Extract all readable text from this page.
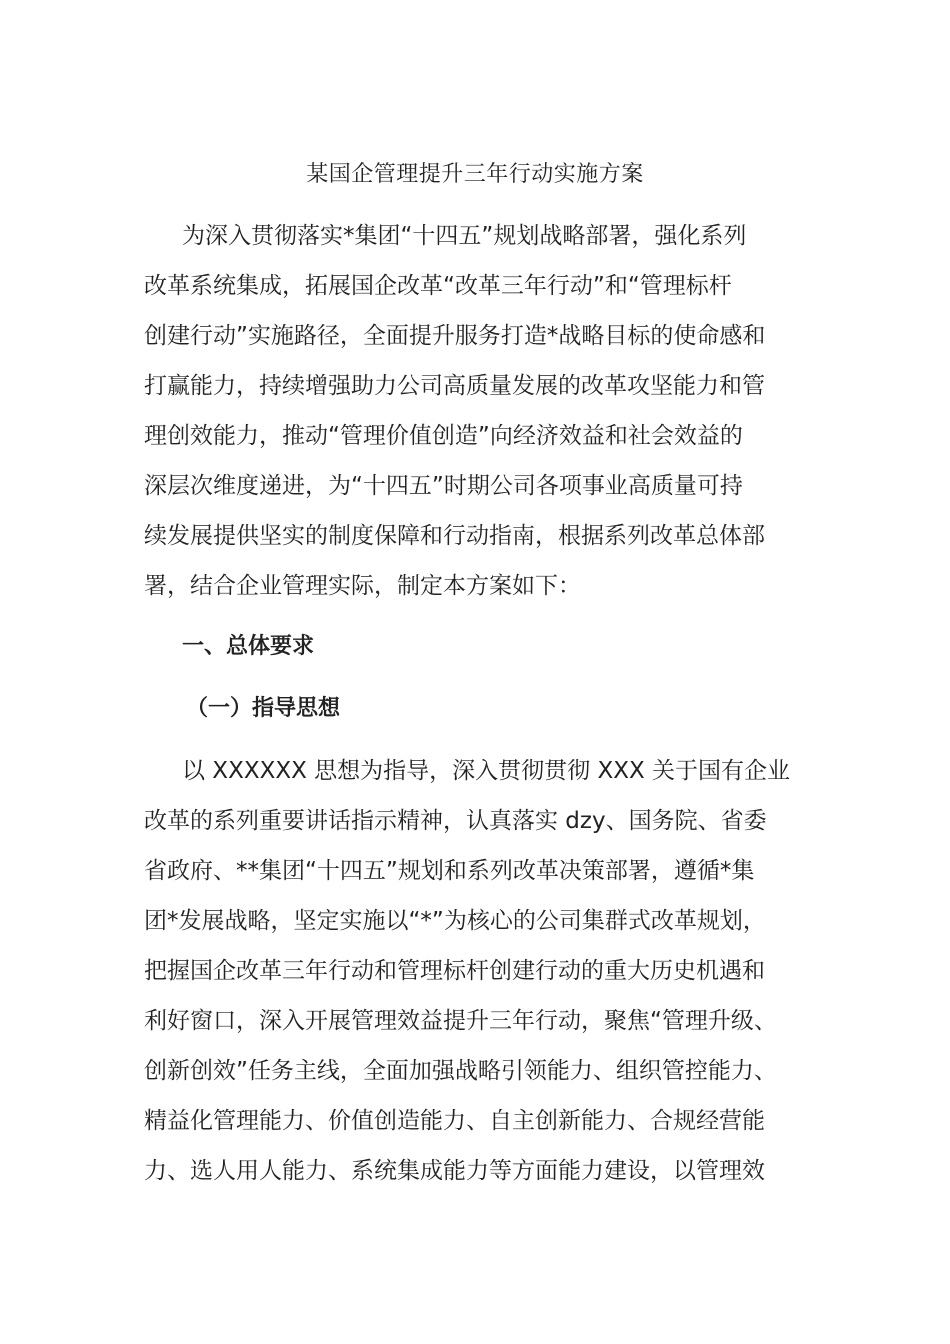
某国企管理提升三年行动实施方案
为深入贯彻落实*集团“十四五”规划战略部署，强化系列
改革系统集成，拓展国企改革“改革三年行动”和“管理标杆
创建行动”实施路径，全面提升服务打造*战略目标的使命感和
打赢能力，持续增强助力公司高质量发展的改革攻坚能力和管
理创效能力，推动“管理价值创造”向经济效益和社会效益的
深层次维度递进，为“十四五”时期公司各项事业高质量可持
续发展提供坚实的制度保障和行动指南，根据系列改革总体部
署，结合企业管理实际，制定本方案如下：
一、总体要求
（一）指导思想
以 XXXXXX 思想为指导，深入贯彻贯彻 XXX 关于国有企业
改革的系列重要讲话指示精神，认真落实 dzy、国务院、省委
省政府、**集团“十四五”规划和系列改革决策部署，遵循*集
团*发展战略，坚定实施以“*”为核心的公司集群式改革规划，
把握国企改革三年行动和管理标杆创建行动的重大历史机遇和
利好窗口，深入开展管理效益提升三年行动，聚焦“管理升级、
创新创效”任务主线，全面加强战略引领能力、组织管控能力、
精益化管理能力、价值创造能力、自主创新能力、合规经营能
力、选人用人能力、系统集成能力等方面能力建设，以管理效
